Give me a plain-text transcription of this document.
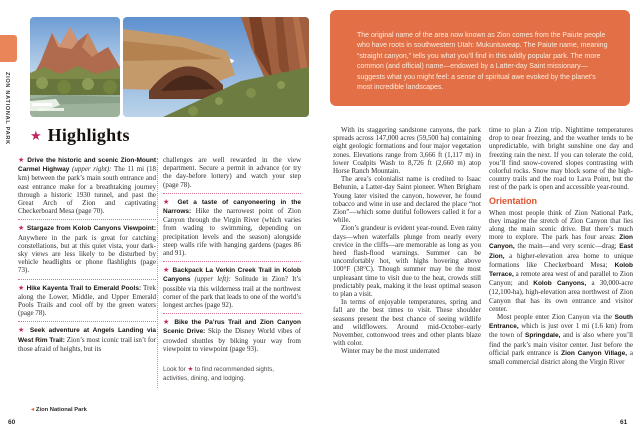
ZION NATIONAL PARK ★ Highlights

★ Drive the historic and scenic Zion-Mount Carmel Highway (upper right): The 11 mi (18 km) between the park’s main south entrance and east entrance make for a breathtaking journey through a historic 1930 tunnel, and past the Great Arch of Zion and captivating Checkerboard Mesa (page 70).

★ Stargaze from Kolob Canyons Viewpoint: Anywhere in the park is great for catching constellations, but at this quiet vista, your dark-sky views are less likely to be disturbed by vehicle headlights or phone flashlights (page 73).

★ Hike Kayenta Trail to Emerald Pools: Trek along the Lower, Middle, and Upper Emerald Pools Trails and cool off by the green waters (page 78).

★ Seek adventure at Angels Landing via West Rim Trail: Zion’s most iconic trail isn’t for those afraid of heights, but its

challenges are well rewarded in the view department. Secure a permit in advance (or try the day-before lottery) and watch your step (page 78).

★ Get a taste of canyoneering in the Narrows: Hike the narrowest point of Zion Canyon through the Virgin River (which varies from wading to swimming, depending on precipitation levels and the season) alongside steep walls rife with hanging gardens (pages 86 and 91).

★ Backpack La Verkin Creek Trail in Kolob Canyons (upper left): Solitude in Zion? It’s possible via this wilderness trail at the northwest corner of the park that leads to one of the world’s longest arches (page 92).

★ Bike the Pa’rus Trail and Zion Canyon Scenic Drive: Skip the Disney World vibes of crowded shuttles by biking your way from viewpoint to viewpoint (page 93).

Look for ★ to find recommended sights, activities, dining, and lodging.
◂ Zion National Park
60
The original name of the area now known as Zion comes from the Paiute people who have roots in southwestern Utah: Mukuntuweap. The Paiute name, meaning “straight canyon,” tells you what you’ll find in this wildly popular park. The more common (and official) name—endowed by a Latter-day Saint missionary—suggests what you might feel: a sense of spiritual awe evoked by the planet’s most incredible landscapes.

With its staggering sandstone canyons, the park spreads across 147,000 acres (59,500 ha) containing eight geologic formations and four major vegetation zones. Elevations range from 3,666 ft (1,117 m) in lower Coalpits Wash to 8,726 ft (2,660 m) atop Horse Ranch Mountain.

The area’s colonialist name is credited to Isaac Behunin, a Latter-day Saint pioneer. When Brigham Young later visited the canyon, however, he found tobacco and wine in use and declared the place “not Zion”—which some dutiful followers called it for a while.

Zion’s grandeur is evident year-round. Even rainy days—when waterfalls plunge from nearly every crevice in the cliffs—are memorable as long as you heed flash-flood warnings. Summer can be uncomfortably hot, with highs hovering above 100°F (38°C). Though summer may be the most unpleasant time to visit due to the heat, crowds still predictably peak, making it the least optimal season to plan a visit.

In terms of enjoyable temperatures, spring and fall are the best times to visit. These shoulder seasons present the best chance of seeing wildlife and wildflowers. Around mid-October–early November, cottonwood trees and other plants blaze with color.

Winter may be the most underrated

time to plan a Zion trip. Nighttime temperatures drop to near freezing, and the weather tends to be unpredictable, with bright sunshine one day and freezing rain the next. If you can tolerate the cold, you’ll find snow-covered slopes contrasting with colorful rocks. Snow may block some of the high-country trails and the road to Lava Point, but the rest of the park is open and accessible year-round.

Orientation

When most people think of Zion National Park, they imagine the stretch of Zion Canyon that lies along the main scenic drive. But there’s much more to explore. The park has four areas: Zion Canyon, the main—and very scenic—drag; East Zion, a higher-elevation area home to unique formations like Checkerboard Mesa; Kolob Terrace, a remote area west of and parallel to Zion Canyon; and Kolob Canyons, a 30,000-acre (12,100-ha), high-elevation area northwest of Zion Canyon that has its own entrance and visitor center.

Most people enter Zion Canyon via the South Entrance, which is just over 1 mi (1.6 km) from the town of Springdale, and is also where you’ll find the park’s main visitor center. Just before the official park entrance is Zion Canyon Village, a small commercial district along the Virgin River

61
